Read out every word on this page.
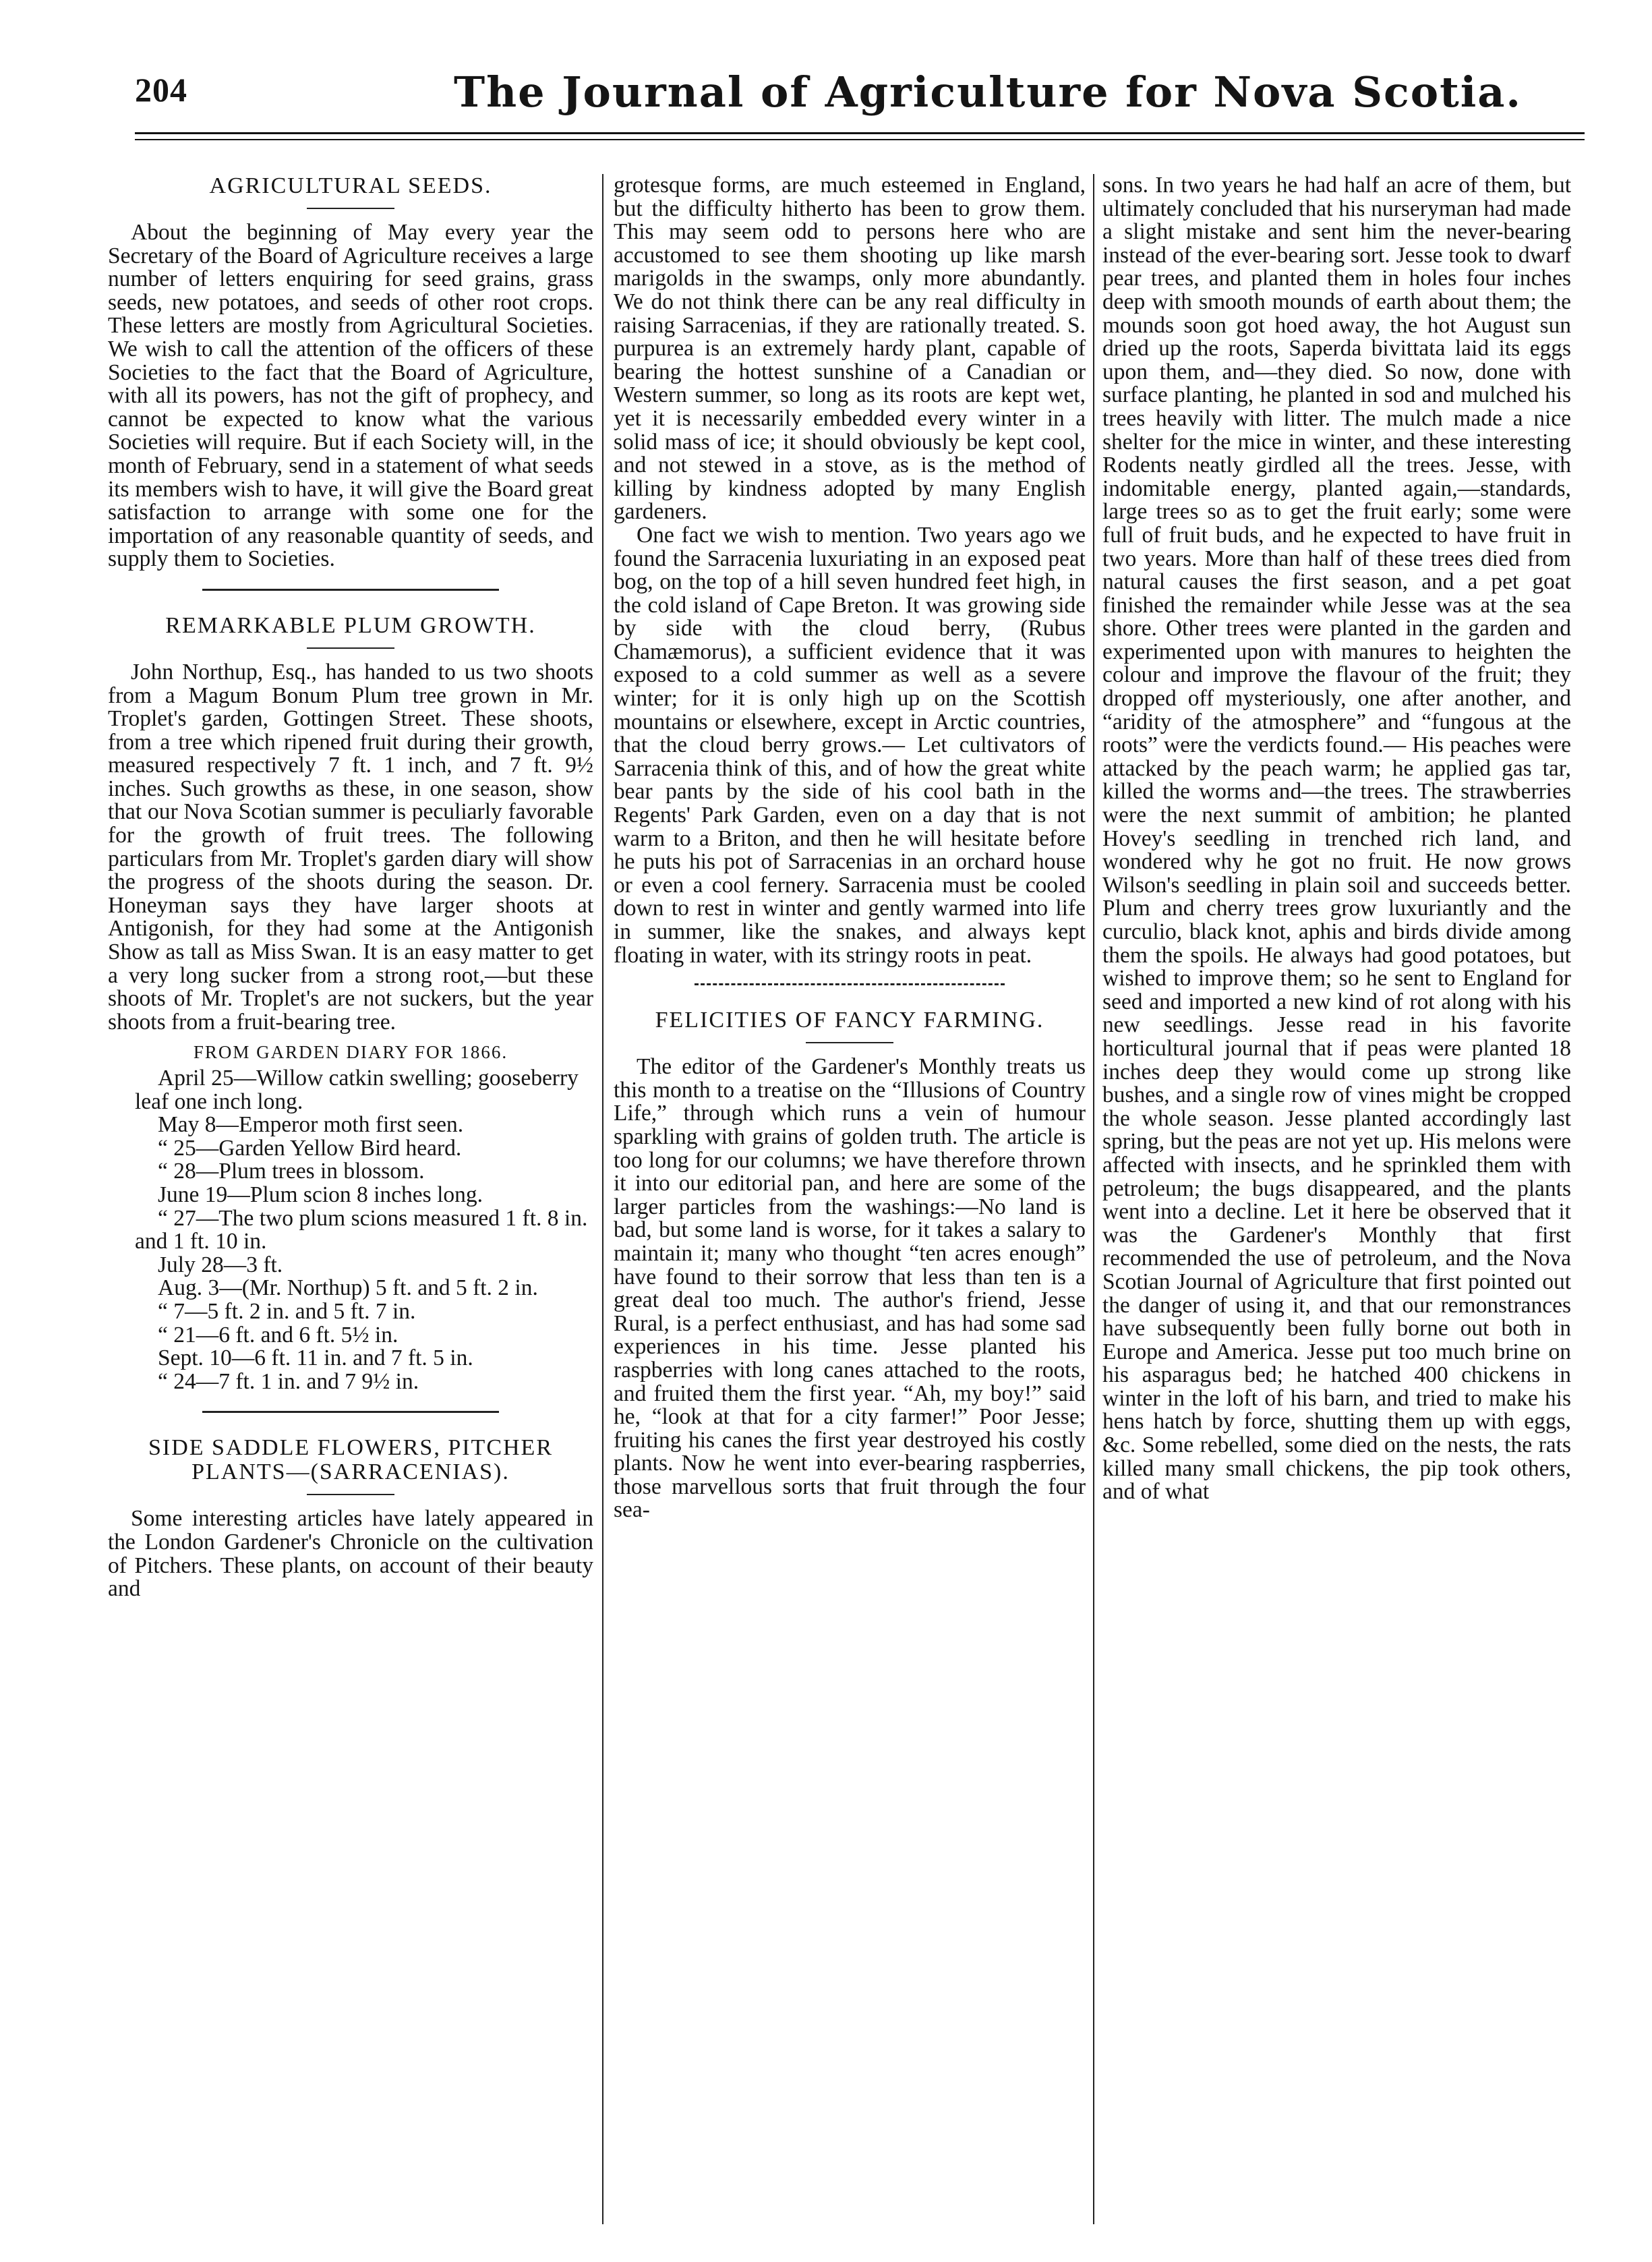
204	The Journal of Agriculture for Nova Scotia.
AGRICULTURAL SEEDS.

About the beginning of May every year the Secretary of the Board of Agriculture receives a large number of letters enquiring for seed grains, grass seeds, new potatoes, and seeds of other root crops. These letters are mostly from Agricultural Societies. We wish to call the attention of the officers of these Societies to the fact that the Board of Agriculture, with all its powers, has not the gift of prophecy, and cannot be expected to know what the various Societies will require. But if each Society will, in the month of February, send in a statement of what seeds its members wish to have, it will give the Board great satisfaction to arrange with some one for the importation of any reasonable quantity of seeds, and supply them to Societies.

REMARKABLE PLUM GROWTH.

John Northup, Esq., has handed to us two shoots from a Magum Bonum Plum tree grown in Mr. Troplet's garden, Gottingen Street. These shoots, from a tree which ripened fruit during their growth, measured respectively 7 ft. 1 inch, and 7 ft. 9½ inches. Such growths as these, in one season, show that our Nova Scotian summer is peculiarly favorable for the growth of fruit trees. The following particulars from Mr. Troplet's garden diary will show the progress of the shoots during the season. Dr. Honeyman says they have larger shoots at Antigonish, for they had some at the Antigonish Show as tall as Miss Swan. It is an easy matter to get a very long sucker from a strong root,—but these shoots of Mr. Troplet's are not suckers, but the year shoots from a fruit-bearing tree.

FROM GARDEN DIARY FOR 1866.

April 25—Willow catkin swelling; gooseberry leaf one inch long.

May 8—Emperor moth first seen.

“ 25—Garden Yellow Bird heard.

“ 28—Plum trees in blossom.

June 19—Plum scion 8 inches long.

“ 27—The two plum scions measured 1 ft. 8 in. and 1 ft. 10 in.

July 28—3 ft.

Aug. 3—(Mr. Northup) 5 ft. and 5 ft. 2 in.

“ 7—5 ft. 2 in. and 5 ft. 7 in.

“ 21—6 ft. and 6 ft. 5½ in.

Sept. 10—6 ft. 11 in. and 7 ft. 5 in.

“ 24—7 ft. 1 in. and 7 9½ in.

SIDE SADDLE FLOWERS, PITCHER PLANTS—(SARRACENIAS).

Some interesting articles have lately appeared in the London Gardener's Chronicle on the cultivation of Pitchers. These plants, on account of their beauty and

grotesque forms, are much esteemed in England, but the difficulty hitherto has been to grow them. This may seem odd to persons here who are accustomed to see them shooting up like marsh marigolds in the swamps, only more abundantly. We do not think there can be any real difficulty in raising Sarracenias, if they are rationally treated. S. purpurea is an extremely hardy plant, capable of bearing the hottest sunshine of a Canadian or Western summer, so long as its roots are kept wet, yet it is necessarily embedded every winter in a solid mass of ice; it should obviously be kept cool, and not stewed in a stove, as is the method of killing by kindness adopted by many English gardeners.

One fact we wish to mention. Two years ago we found the Sarracenia luxuriating in an exposed peat bog, on the top of a hill seven hundred feet high, in the cold island of Cape Breton. It was growing side by side with the cloud berry, (Rubus Chamæmorus), a sufficient evidence that it was exposed to a cold summer as well as a severe winter; for it is only high up on the Scottish mountains or elsewhere, except in Arctic countries, that the cloud berry grows.— Let cultivators of Sarracenia think of this, and of how the great white bear pants by the side of his cool bath in the Regents' Park Garden, even on a day that is not warm to a Briton, and then he will hesitate before he puts his pot of Sarracenias in an orchard house or even a cool fernery. Sarracenia must be cooled down to rest in winter and gently warmed into life in summer, like the snakes, and always kept floating in water, with its stringy roots in peat.

FELICITIES OF FANCY FARMING.

The editor of the Gardener's Monthly treats us this month to a treatise on the “Illusions of Country Life,” through which runs a vein of humour sparkling with grains of golden truth. The article is too long for our columns; we have therefore thrown it into our editorial pan, and here are some of the larger particles from the washings:—No land is bad, but some land is worse, for it takes a salary to maintain it; many who thought “ten acres enough” have found to their sorrow that less than ten is a great deal too much. The author's friend, Jesse Rural, is a perfect enthusiast, and has had some sad experiences in his time. Jesse planted his raspberries with long canes attached to the roots, and fruited them the first year. “Ah, my boy!” said he, “look at that for a city farmer!” Poor Jesse; fruiting his canes the first year destroyed his costly plants. Now he went into ever-bearing raspberries, those marvellous sorts that fruit through the four sea-

sons. In two years he had half an acre of them, but ultimately concluded that his nurseryman had made a slight mistake and sent him the never-bearing instead of the ever-bearing sort. Jesse took to dwarf pear trees, and planted them in holes four inches deep with smooth mounds of earth about them; the mounds soon got hoed away, the hot August sun dried up the roots, Saperda bivittata laid its eggs upon them, and—they died. So now, done with surface planting, he planted in sod and mulched his trees heavily with litter. The mulch made a nice shelter for the mice in winter, and these interesting Rodents neatly girdled all the trees. Jesse, with indomitable energy, planted again,—standards, large trees so as to get the fruit early; some were full of fruit buds, and he expected to have fruit in two years. More than half of these trees died from natural causes the first season, and a pet goat finished the remainder while Jesse was at the sea shore. Other trees were planted in the garden and experimented upon with manures to heighten the colour and improve the flavour of the fruit; they dropped off mysteriously, one after another, and “aridity of the atmosphere” and “fungous at the roots” were the verdicts found.— His peaches were attacked by the peach warm; he applied gas tar, killed the worms and—the trees. The strawberries were the next summit of ambition; he planted Hovey's seedling in trenched rich land, and wondered why he got no fruit. He now grows Wilson's seedling in plain soil and succeeds better. Plum and cherry trees grow luxuriantly and the curculio, black knot, aphis and birds divide among them the spoils. He always had good potatoes, but wished to improve them; so he sent to England for seed and imported a new kind of rot along with his new seedlings. Jesse read in his favorite horticultural journal that if peas were planted 18 inches deep they would come up strong like bushes, and a single row of vines might be cropped the whole season. Jesse planted accordingly last spring, but the peas are not yet up. His melons were affected with insects, and he sprinkled them with petroleum; the bugs disappeared, and the plants went into a decline. Let it here be observed that it was the Gardener's Monthly that first recommended the use of petroleum, and the Nova Scotian Journal of Agriculture that first pointed out the danger of using it, and that our remonstrances have subsequently been fully borne out both in Europe and America. Jesse put too much brine on his asparagus bed; he hatched 400 chickens in winter in the loft of his barn, and tried to make his hens hatch by force, shutting them up with eggs, &c. Some rebelled, some died on the nests, the rats killed many small chickens, the pip took others, and of what
